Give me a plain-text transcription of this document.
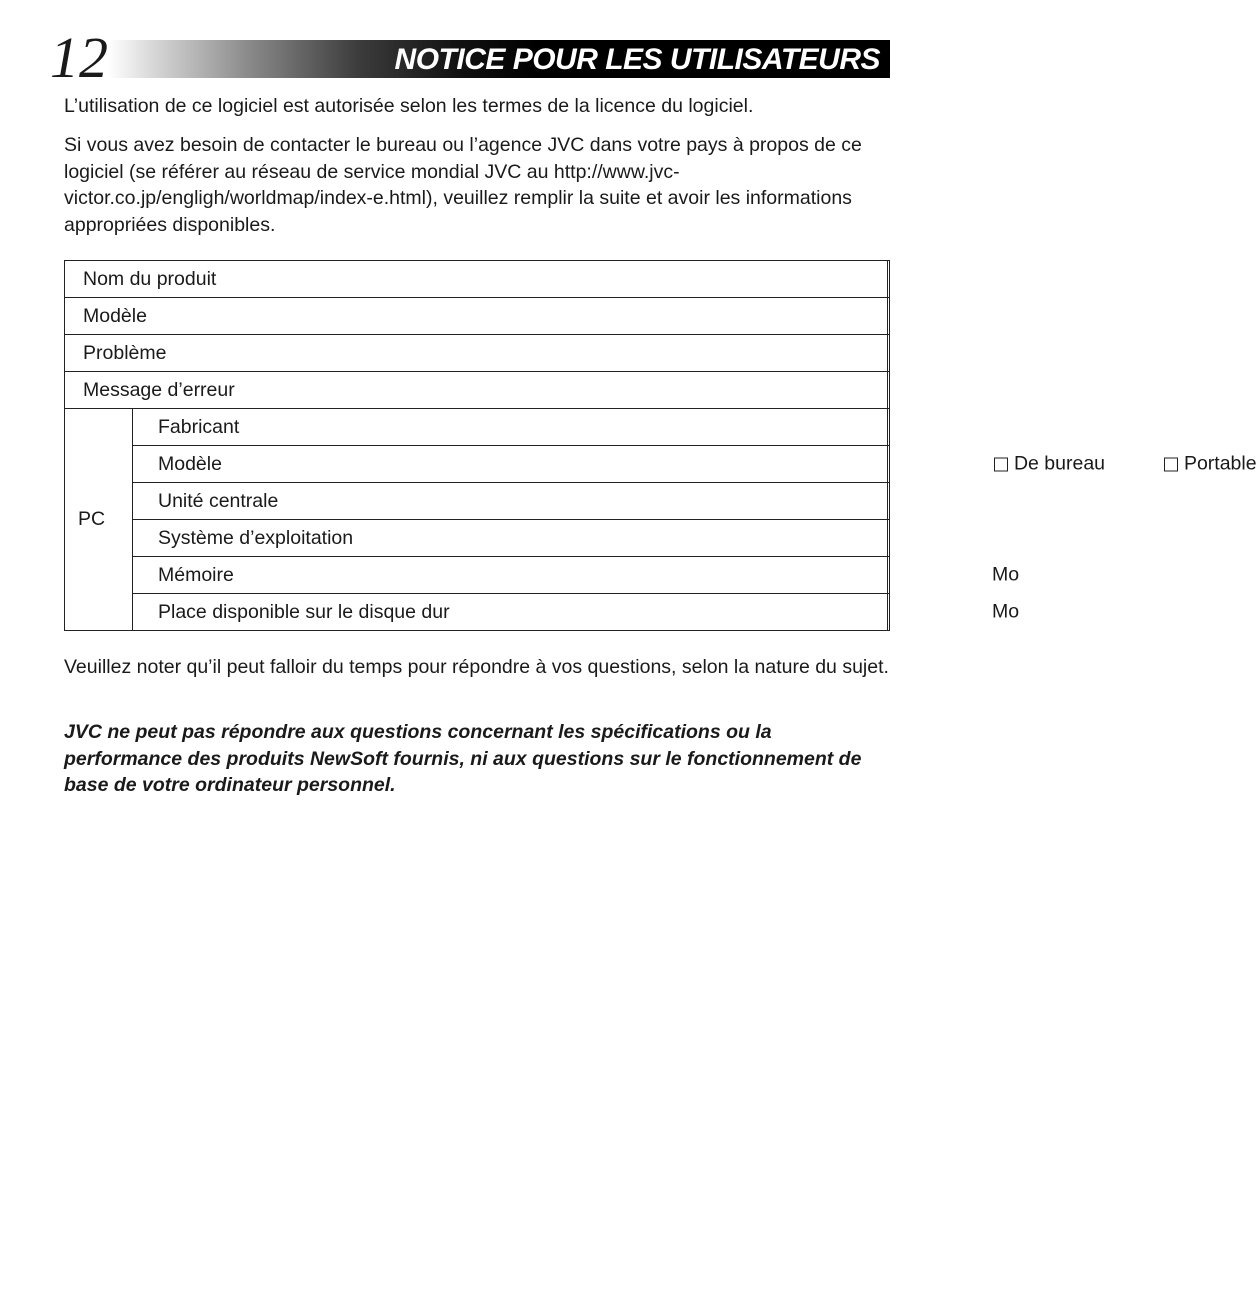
12	NOTICE POUR LES UTILISATEURS

L’utilisation de ce logiciel est autorisée selon les termes de la licence du logiciel.

Si vous avez besoin de contacter le bureau ou l’agence JVC dans votre pays à propos de ce logiciel (se référer au réseau de service mondial JVC au http://www.jvc-victor.co.jp/engligh/worldmap/index-e.html), veuillez remplir la suite et avoir les informations appropriées disponibles.

Nom du produit		
Modèle		
Problème		
Message d’erreur		
PC	Fabricant	
	Modèle	De bureau Portable

	Unité centrale	
	Système d’exploitation	
	Mémoire	Mo

	Place disponible sur le disque dur	Mo

Veuillez noter qu’il peut falloir du temps pour répondre à vos questions, selon la nature du sujet.

JVC ne peut pas répondre aux questions concernant les spécifications ou la performance des produits NewSoft fournis, ni aux questions sur le fonctionnement de base de votre ordinateur personnel.
